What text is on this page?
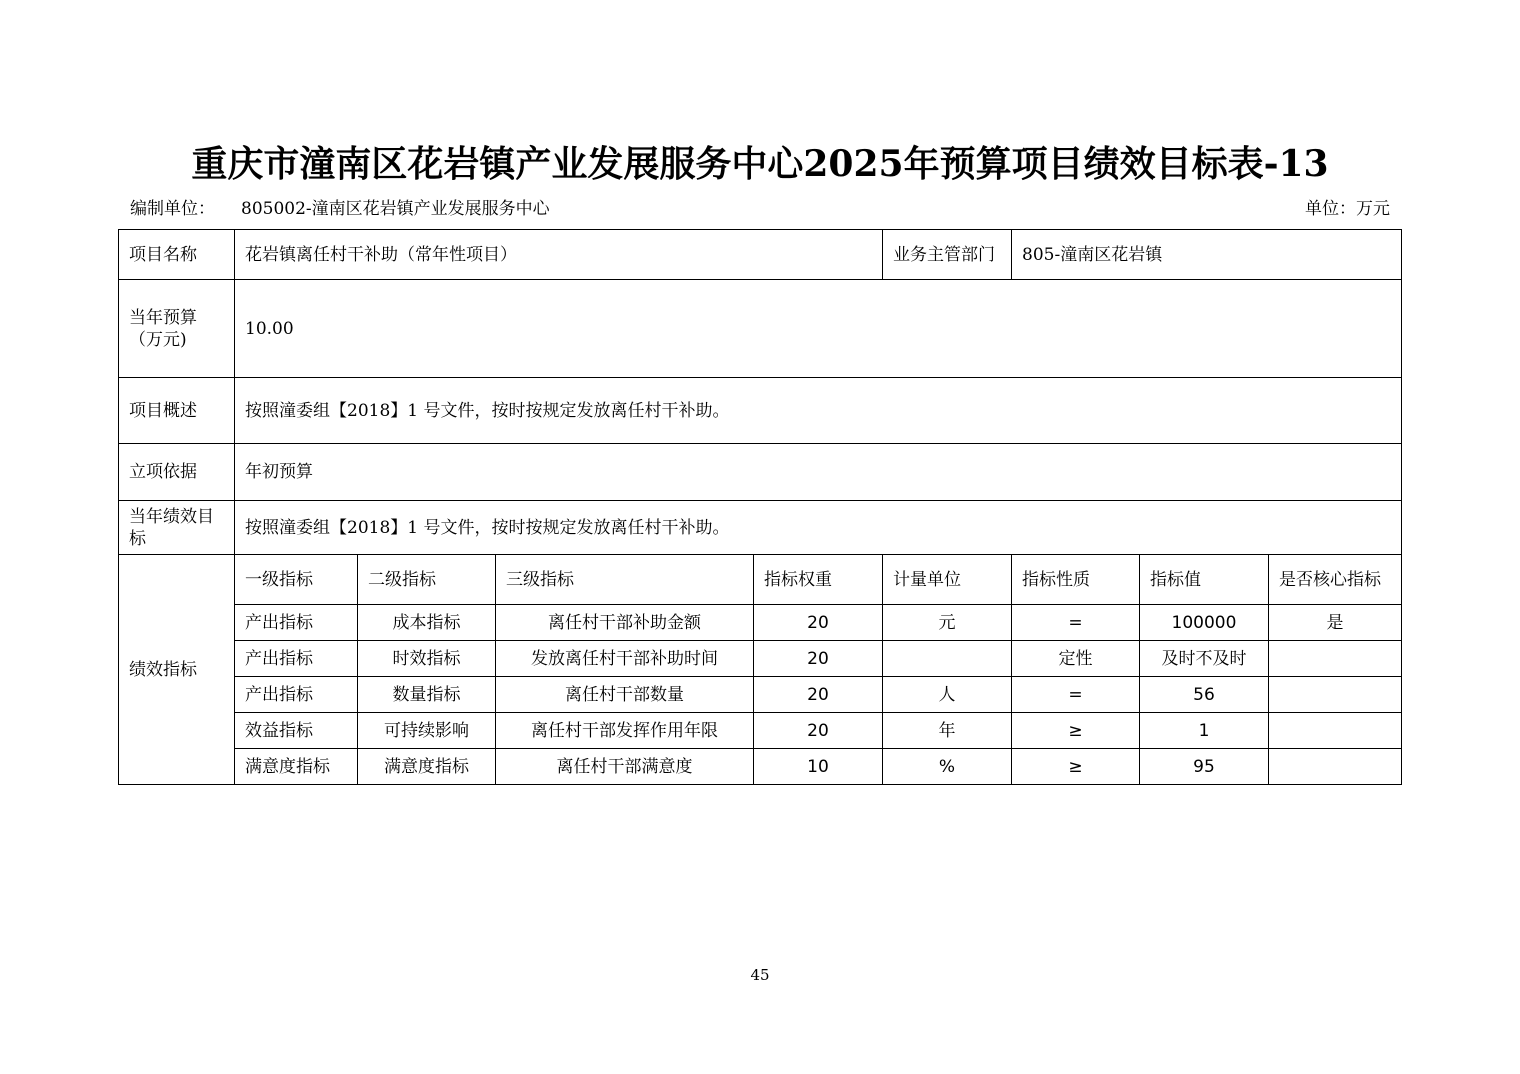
重庆市潼南区花岩镇产业发展服务中心2025年预算项目绩效目标表-13
编制单位： 805002-潼南区花岩镇产业发展服务中心	单位：万元
项目名称	花岩镇离任村干补助（常年性项目）				业务主管部门	805-潼南区花岩镇		
当年预算（万元)	10.00							
项目概述	按照潼委组【2018】1 号文件，按时按规定发放离任村干补助。							
立项依据	年初预算							
当年绩效目标	按照潼委组【2018】1 号文件，按时按规定发放离任村干补助。							
绩效指标	一级指标	二级指标	三级指标	指标权重	计量单位	指标性质	指标值	是否核心指标
	产出指标	成本指标	离任村干部补助金额	20	元	=	100000	是
	产出指标	时效指标	发放离任村干部补助时间	20		定性	及时不及时	
	产出指标	数量指标	离任村干部数量	20	人	=	56	
	效益指标	可持续影响	离任村干部发挥作用年限	20	年	≥	1	
	满意度指标	满意度指标	离任村干部满意度	10	%	≥	95	
45
